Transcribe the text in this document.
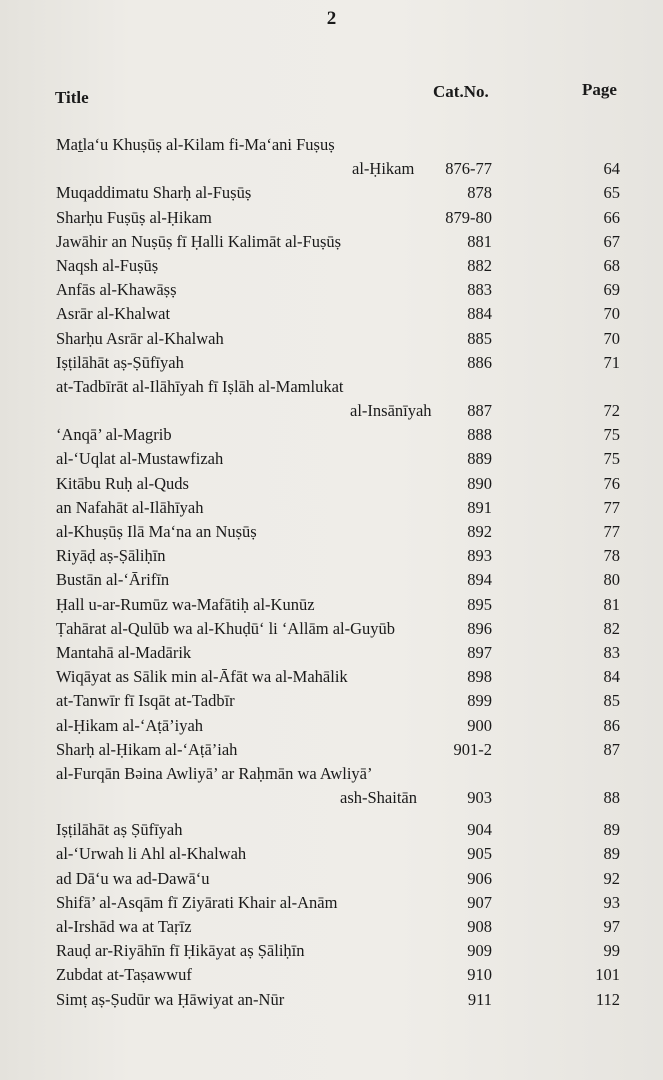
2
Title	Cat.No.	Page
Maṯla‘u Khuṣūṣ al-Kilam fi-Ma‘ani Fuṣuṣ
al-Ḥikam	876-77	64
Muqaddimatu Sharḥ al-Fuṣūṣ	878	65
Sharḥu Fuṣūṣ al-Ḥikam	879-80	66
Jawāhir an Nuṣūṣ fī Ḥalli Kalimāt al-Fuṣūṣ	881	67
Naqsh al-Fuṣūṣ	882	68
Anfās al-Khawāṣṣ	883	69
Asrār al-Khalwat	884	70
Sharḥu Asrār al-Khalwah	885	70
Iṣṭilāhāt aṣ-Ṣūfīyah	886	71
at-Tadbīrāt al-Ilāhīyah fī Iṣlāh al-Mamlukat
al-Insānīyah	887	72
‘Anqā’ al-Magrib	888	75
al-‘Uqlat al-Mustawfizah	889	75
Kitābu Ruḥ al-Quds	890	76
an Nafahāt al-Ilāhīyah	891	77
al-Khuṣūṣ Ilā Ma‘na an Nuṣūṣ	892	77
Riyāḍ aṣ-Ṣāliḥīn	893	78
Bustān al-‘Ārifīn	894	80
Ḥall u-ar-Rumūz wa-Mafātiḥ al-Kunūz	895	81
Ṭahārat al-Qulūb wa al-Khuḍū‘ li ‘Allām al-Guyūb	896	82
Mantahā al-Madārik	897	83
Wiqāyat as Sālik min al-Āfāt wa al-Mahālik	898	84
at-Tanwīr fī Isqāt at-Tadbīr	899	85
al-Ḥikam al-‘Aṭā’iyah	900	86
Sharḥ al-Ḥikam al-‘Aṭā’iah	901-2	87
al-Furqān Bəina Awliyā’ ar Raḥmān wa Awliyā’
ash-Shaitān	903	88
Iṣṭilāhāt aṣ Ṣūfīyah	904	89
al-‘Urwah li Ahl al-Khalwah	905	89
ad Dā‘u wa ad-Dawā‘u	906	92
Shifā’ al-Asqām fī Ziyārati Khair al-Anām	907	93
al-Irshād wa at Taṛīz	908	97
Rauḍ ar-Riyāhīn fī Ḥikāyat aṣ Ṣāliḥīn	909	99
Zubdat at-Taṣawwuf	910	101
Simṭ aṣ-Ṣudūr wa Ḥāwiyat an-Nūr	911	112
